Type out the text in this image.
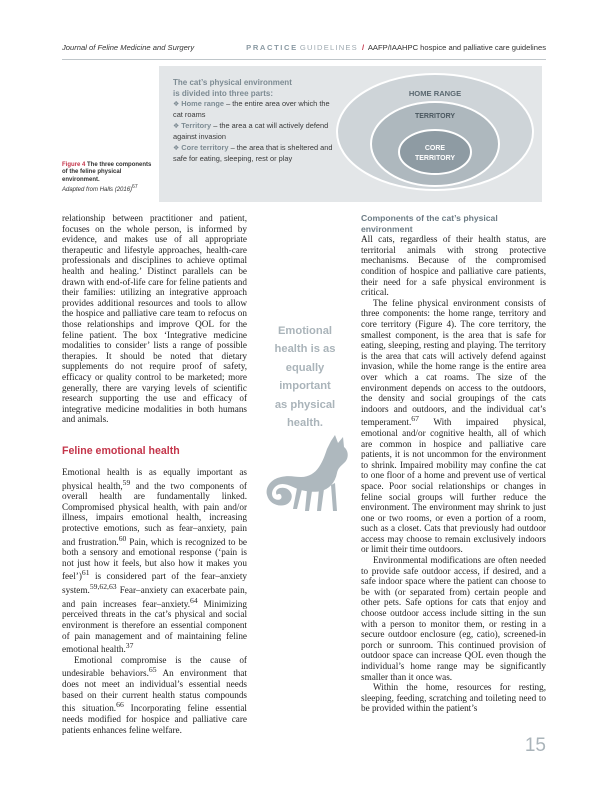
Journal of Feline Medicine and Surgery	PRACTICE GUIDELINES / AAFP/IAAHPC hospice and palliative care guidelines
The cat’s physical environment
is divided into three parts:
❖ Home range – the entire area over which the cat roams
❖ Territory – the area a cat will actively defend against invasion
❖ Core territory – the area that is sheltered and safe for eating, sleeping, rest or play
HOME RANGE
TERRITORY
CORE
TERRITORY
Figure 4 The three components of the feline physical environment.
Adapted from Halls $(2016)^{67}$

relationship between practitioner and patient, focuses on the whole person, is informed by evidence, and makes use of all appropriate therapeutic and lifestyle approaches, health-care professionals and disciplines to achieve optimal health and healing.’ Distinct parallels can be drawn with end-of-life care for feline patients and their families: utilizing an integrative approach provides additional resources and tools to allow the hospice and palliative care team to refocus on those relationships and improve QOL for the feline patient. The box ‘Integrative medicine modalities to consider’ lists a range of possible therapies. It should be noted that dietary supplements do not require proof of safety, efficacy or quality control to be marketed; more generally, there are varying levels of scientific research supporting the use and efficacy of integrative medicine modalities in both humans and animals.

Feline emotional health

Emotional health is as equally important as physical health,$^{59}$ and the two components of overall health are fundamentally linked. Compromised physical health, with pain and/or illness, impairs emotional health, increasing protective emotions, such as fear–anxiety, pain and frustration.$^{60}$ Pain, which is recognized to be both a sensory and emotional response (‘pain is not just how it feels, but also how it makes you feel’)$^{61}$ is considered part of the fear–anxiety system.$^{59,62,63}$ Fear–anxiety can exacerbate pain, and pain increases fear–anxiety.$^{64}$ Minimizing perceived threats in the cat’s physical and social environment is therefore an essential component of pain management and of maintaining feline emotional health.$^{37}$

Emotional compromise is the cause of undesirable behaviors.$^{65}$ An environment that does not meet an individual’s essential needs based on their current health status compounds this situation.$^{66}$ Incorporating feline essential needs modified for hospice and palliative care patients enhances feline welfare.

Emotional
health is as
equally
important
as physical
health.
Components of the cat’s physical
environment

All cats, regardless of their health status, are territorial animals with strong protective mechanisms. Because of the compromised condition of hospice and palliative care patients, their need for a safe physical environment is critical.

The feline physical environment consists of three components: the home range, territory and core territory (Figure 4). The core territory, the smallest component, is the area that is safe for eating, sleeping, resting and playing. The territory is the area that cats will actively defend against invasion, while the home range is the entire area over which a cat roams. The size of the environment depends on access to the outdoors, the density and social groupings of the cats indoors and outdoors, and the individual cat’s temperament.$^{67}$ With impaired physical, emotional and/or cognitive health, all of which are common in hospice and palliative care patients, it is not uncommon for the environment to shrink. Impaired mobility may confine the cat to one floor of a home and prevent use of vertical space. Poor social relationships or changes in feline social groups will further reduce the environment. The environment may shrink to just one or two rooms, or even a portion of a room, such as a closet. Cats that previously had outdoor access may choose to remain exclusively indoors or limit their time outdoors.

Environmental modifications are often needed to provide safe outdoor access, if desired, and a safe indoor space where the patient can choose to be with (or separated from) certain people and other pets. Safe options for cats that enjoy and choose outdoor access include sitting in the sun with a person to monitor them, or resting in a secure outdoor enclosure (eg, catio), screened-in porch or sunroom. This continued provision of outdoor space can increase QOL even though the individual’s home range may be significantly smaller than it once was.

Within the home, resources for resting, sleeping, feeding, scratching and toileting need to be provided within the patient’s

15
